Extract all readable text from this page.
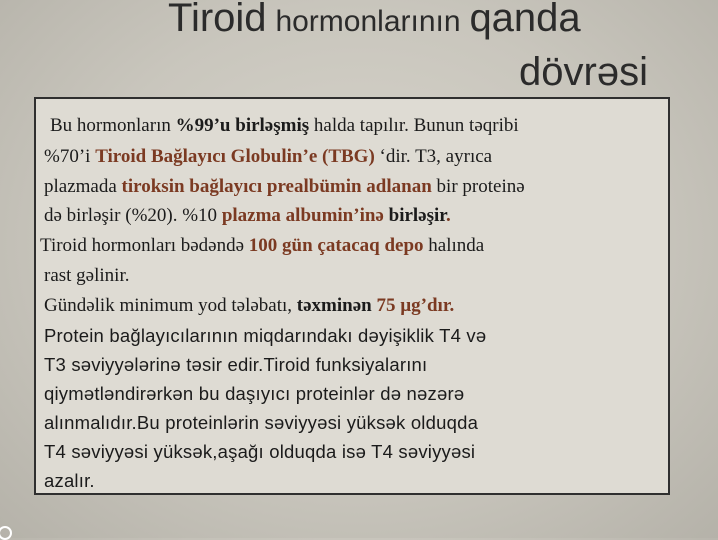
Tiroid hormonlarının qanda
dövrəsi
Bu hormonların %99’u birləşmiş halda tapılır. Bunun təqribi
%70’i Tiroid Bağlayıcı Globulin’e (TBG) ‘dir. T3, ayrıca
plazmada tiroksin bağlayıcı prealbümin adlanan bir proteinə
də birləşir (%20). %10 plazma albumin’inə birləşir.
Tiroid hormonları bədəndə 100 gün çatacaq depo halında
rast gəlinir.
Gündəlik minimum yod tələbatı, təxminən 75 µg’dır.
Protein bağlayıcılarının miqdarındakı dəyişiklik T4 və
T3 səviyyələrinə təsir edir.Tiroid funksiyalarını
qiymətləndirərkən bu daşıyıcı proteinlər də nəzərə
alınmalıdır.Bu proteinlərin səviyyəsi yüksək olduqda
T4 səviyyəsi yüksək,aşağı olduqda isə T4 səviyyəsi
azalır.
